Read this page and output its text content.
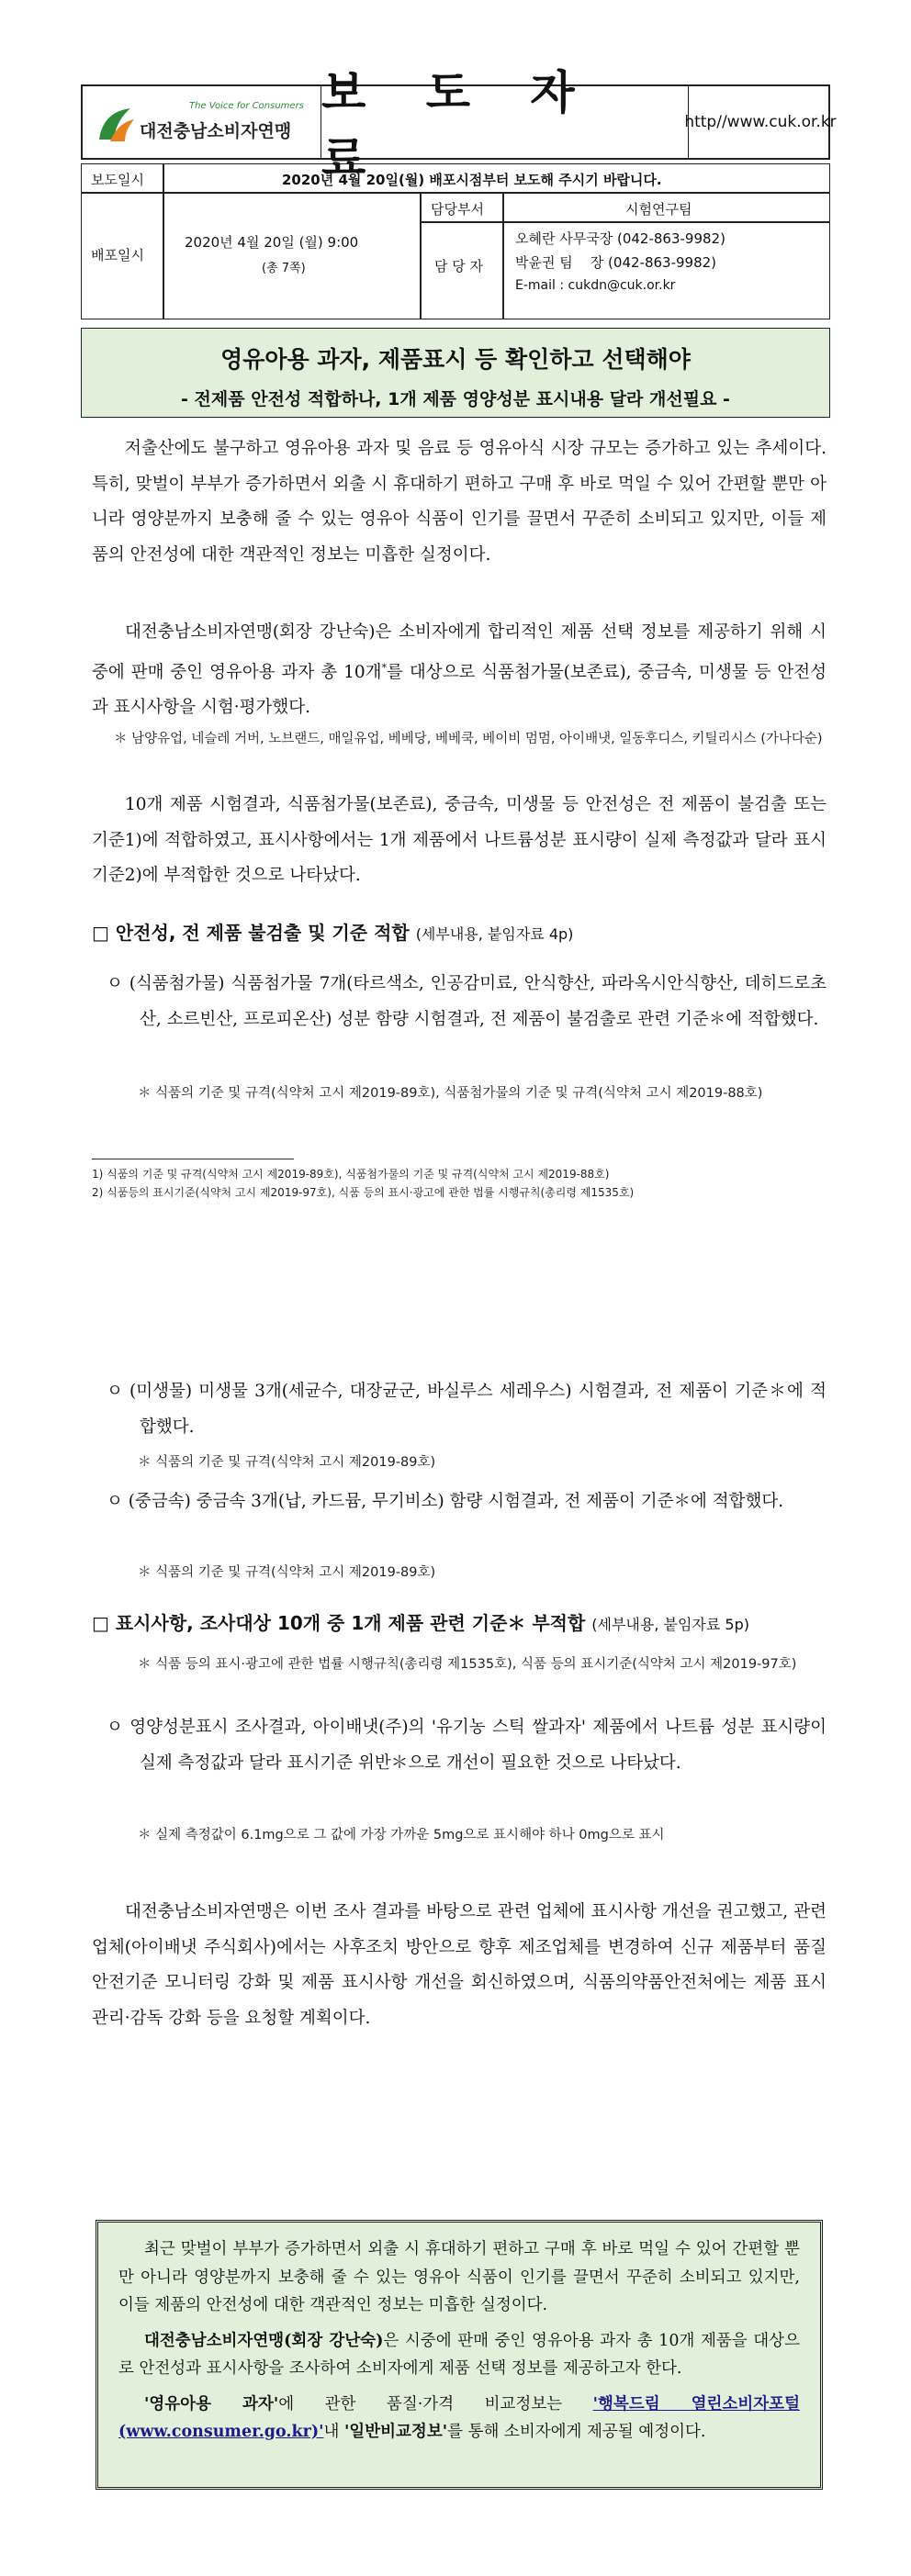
The Voice for Consumers
대전충남소비자연맹
보 도 자 료
http//www.cuk.or.kr
보도일시	2020년 4월 20일(월) 배포시점부터 보도해 주시기 바랍니다.
배포일시
2020년 4월 20일 (월) 9:00
(총 7쪽)
담당부서	시험연구팀
담 당 자
오혜란 사무국장 (042-863-9982)
박윤권 팀    장 (042-863-9982)
E-mail : cukdn@cuk.or.kr
영유아용 과자, 제품표시 등 확인하고 선택해야
- 전제품 안전성 적합하나, 1개 제품 영양성분 표시내용 달라 개선필요 -
저출산에도 불구하고 영유아용 과자 및 음료 등 영유아식 시장 규모는 증가하고 있는 추세이다. 특히, 맞벌이 부부가 증가하면서 외출 시 휴대하기 편하고 구매 후 바로 먹일 수 있어 간편할 뿐만 아니라 영양분까지 보충해 줄 수 있는 영유아 식품이 인기를 끌면서 꾸준히 소비되고 있지만, 이들 제품의 안전성에 대한 객관적인 정보는 미흡한 실정이다.
대전충남소비자연맹(회장 강난숙)은 소비자에게 합리적인 제품 선택 정보를 제공하기 위해 시중에 판매 중인 영유아용 과자 총 10개*를 대상으로 식품첨가물(보존료), 중금속, 미생물 등 안전성과 표시사항을 시험·평가했다.
＊ 남양유업, 네슬레 거버, 노브랜드, 매일유업, 베베당, 베베쿡, 베이비 멈멈, 아이배냇, 일동후디스, 키틸리시스 (가나다순)
10개 제품 시험결과, 식품첨가물(보존료), 중금속, 미생물 등 안전성은 전 제품이 불검출 또는 기준1)에 적합하였고, 표시사항에서는 1개 제품에서 나트륨성분 표시량이 실제 측정값과 달라 표시기준2)에 부적합한 것으로 나타났다.
□ 안전성, 전 제품 불검출 및 기준 적합 (세부내용, 붙임자료 4p)
ㅇ (식품첨가물) 식품첨가물 7개(타르색소, 인공감미료, 안식향산, 파라옥시안식향산, 데히드로초산, 소르빈산, 프로피온산) 성분 함량 시험결과, 전 제품이 불검출로 관련 기준＊에 적합했다.
＊ 식품의 기준 및 규격(식약처 고시 제2019-89호), 식품첨가물의 기준 및 규격(식약처 고시 제2019-88호)
1) 식품의 기준 및 규격(식약처 고시 제2019-89호), 식품첨가물의 기준 및 규격(식약처 고시 제2019-88호)
2) 식품등의 표시기준(식약처 고시 제2019-97호), 식품 등의 표시·광고에 관한 법률 시행규칙(총리령 제1535호)
ㅇ (미생물) 미생물 3개(세균수, 대장균군, 바실루스 세레우스) 시험결과, 전 제품이 기준＊에 적합했다.
＊ 식품의 기준 및 규격(식약처 고시 제2019-89호)
ㅇ (중금속) 중금속 3개(납, 카드뮴, 무기비소) 함량 시험결과, 전 제품이 기준＊에 적합했다.
＊ 식품의 기준 및 규격(식약처 고시 제2019-89호)
□ 표시사항, 조사대상 10개 중 1개 제품 관련 기준＊ 부적합 (세부내용, 붙임자료 5p)
＊ 식품 등의 표시·광고에 관한 법률 시행규칙(총리령 제1535호), 식품 등의 표시기준(식약처 고시 제2019-97호)
ㅇ 영양성분표시 조사결과, 아이배냇(주)의 '유기농 스틱 쌀과자' 제품에서 나트륨 성분 표시량이 실제 측정값과 달라 표시기준 위반＊으로 개선이 필요한 것으로 나타났다.
＊ 실제 측정값이 6.1mg으로 그 값에 가장 가까운 5mg으로 표시해야 하나 0mg으로 표시
대전충남소비자연맹은 이번 조사 결과를 바탕으로 관련 업체에 표시사항 개선을 권고했고, 관련 업체(아이배냇 주식회사)에서는 사후조치 방안으로 향후 제조업체를 변경하여 신규 제품부터 품질 안전기준 모니터링 강화 및 제품 표시사항 개선을 회신하였으며, 식품의약품안전처에는 제품 표시 관리·감독 강화 등을 요청할 계획이다.

최근 맞벌이 부부가 증가하면서 외출 시 휴대하기 편하고 구매 후 바로 먹일 수 있어 간편할 뿐만 아니라 영양분까지 보충해 줄 수 있는 영유아 식품이 인기를 끌면서 꾸준히 소비되고 있지만, 이들 제품의 안전성에 대한 객관적인 정보는 미흡한 실정이다.

대전충남소비자연맹(회장 강난숙)은 시중에 판매 중인 영유아용 과자 총 10개 제품을 대상으로 안전성과 표시사항을 조사하여 소비자에게 제품 선택 정보를 제공하고자 한다.

'영유아용 과자'에 관한 품질·가격 비교정보는 '행복드림 열린소비자포털(www.consumer.go.kr)'내 '일반비교정보'를 통해 소비자에게 제공될 예정이다.
